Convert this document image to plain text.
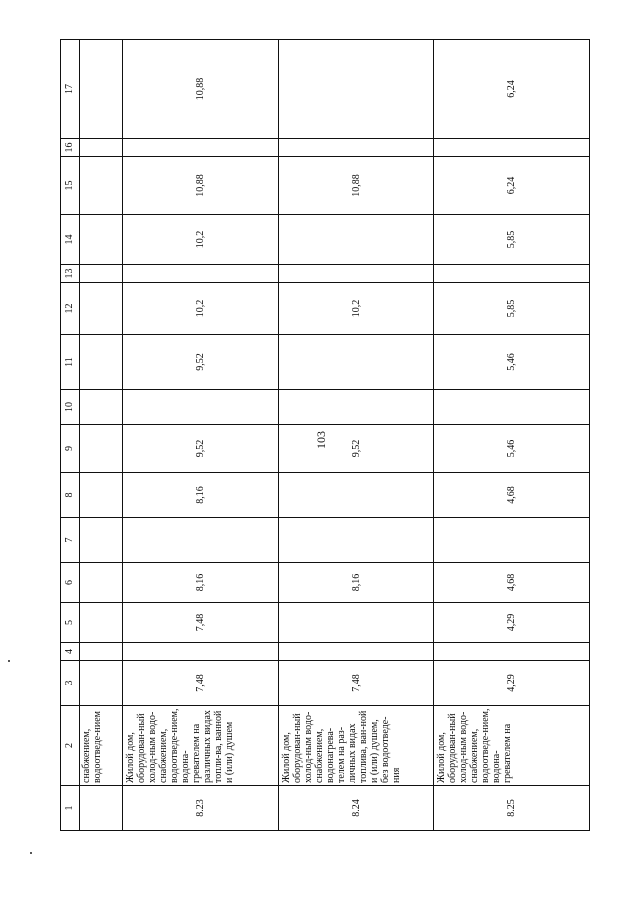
103
1	2	3	4	5	6	7	8	9	10	11	12	13	14	15	16	17
	снабжением, водоотведе-нием															
8.23	Жилой дом, оборудован-ный холод-ным водо-снабжением, водоотведе-нием, водона-гревателем на различных видах топли-ва, ванной и (или) душем	7,48		7,48	8,16		8,16	9,52		9,52	10,2		10,2	10,88		10,88
8.24	Жилой дом, оборудован-ный холод-ным водо-снабжением, водонагрева-телем на раз-личных видах топлива, ван-ной и (или) душем, без водоотведе-ния	7,48			8,16			9,52			10,2			10,88		
8.25	Жилой дом, оборудован-ный холод-ным водо-снабжением, водоотведе-нием, водона-гревателем на	4,29		4,29	4,68		4,68	5,46		5,46	5,85		5,85	6,24		6,24
